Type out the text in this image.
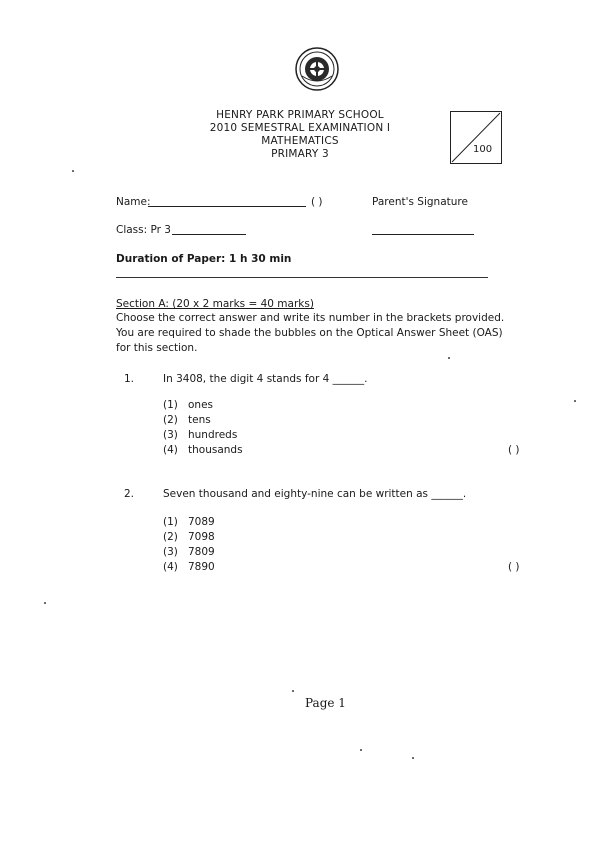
HENRY PARK PRIMARY SCHOOL
2010 SEMESTRAL EXAMINATION I
MATHEMATICS
PRIMARY 3	100
Name:	( )	Parent's Signature
Class: Pr 3
Duration of Paper: 1 h 30 min
Section A: (20 x 2 marks = 40 marks)
Choose the correct answer and write its number in the brackets provided.
You are required to shade the bubbles on the Optical Answer Sheet (OAS)
for this section.
1.	In 3408, the digit 4 stands for 4 ______.
(1) ones
(2) tens
(3) hundreds
(4) thousands	( )
2.	Seven thousand and eighty-nine can be written as ______.
(1) 7089
(2) 7098
(3) 7809
(4) 7890	( )
Page 1
